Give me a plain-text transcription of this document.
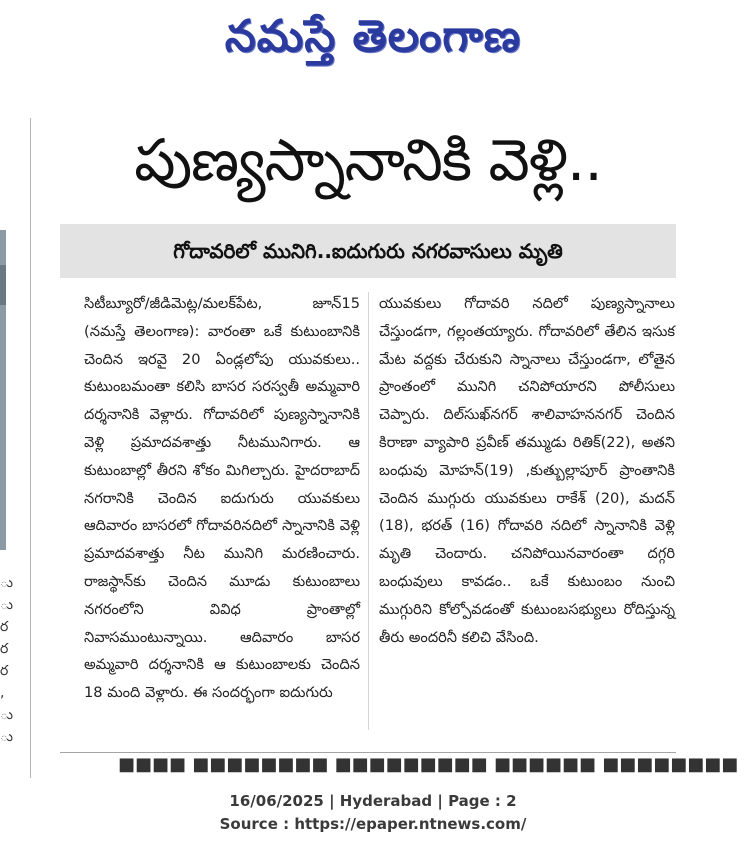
నమస్తే తెలంగాణ
ు
ు
ర
ర
ర
,
ు
ు
పుణ్యస్నానానికి వెళ్లి..
గోదావరిలో మునిగి..ఐదుగురు నగరవాసులు మృతి

సిటీబ్యూరో/జీడిమెట్ల/మలక్‌పేట, జూన్15 (నమస్తే తెలంగాణ): వారంతా ఒకే కుటుంబానికి చెందిన ఇరవై 20 ఏండ్లలోపు యువకులు.. కుటుంబమంతా కలిసి బాసర సరస్వతీ అమ్మవారి దర్శనానికి వెళ్లారు. గోదావరిలో పుణ్యస్నానానికి వెళ్లి ప్రమాదవశాత్తు నీటమునిగారు. ఆ కుటుంబాల్లో తీరని శోకం మిగిల్చారు. హైదరాబాద్ నగరానికి చెందిన ఐదుగురు యువకులు ఆదివారం బాసరలో గోదావరినదిలో స్నానానికి వెళ్లి ప్రమాదవశాత్తు నీట మునిగి మరణించారు. రాజస్థాన్‌కు చెందిన మూడు కుటుంబాలు నగరంలోని వివిధ ప్రాంతాల్లో నివాసముంటున్నాయి. ఆదివారం బాసర అమ్మవారి దర్శనానికి ఆ కుటుంబాలకు చెందిన 18 మంది వెళ్లారు. ఈ సందర్భంగా ఐదుగురు

యువకులు గోదావరి నదిలో పుణ్యస్నానాలు చేస్తుండగా, గల్లంతయ్యారు. గోదావరిలో తేలిన ఇసుక మేట వద్దకు చేరుకుని స్నానాలు చేస్తుండగా, లోతైన ప్రాంతంలో మునిగి చనిపోయారని పోలీసులు చెప్పారు. దిల్‌సుఖ్‌నగర్ శాలివాహననగర్ చెందిన కిరాణా వ్యాపారి ప్రవీణ్ తమ్ముడు రితిక్(22), అతని బంధువు మోహన్(19) ,కుత్బుల్లాపూర్ ప్రాంతానికి చెందిన ముగ్గురు యువకులు రాకేశ్ (20), మదన్ (18), భరత్ (16) గోదావరి నదిలో స్నానానికి వెళ్లి మృతి చెందారు. చనిపోయినవారంతా దగ్గరి బంధువులు కావడం.. ఒకే కుటుంబం నుంచి ముగ్గురిని కోల్పోవడంతో కుటుంబసభ్యులు రోదిస్తున్న తీరు అందరినీ కలిచి వేసింది.

■■■■ ■■■■■■■■ ■■■■■■■■■ ■■■■■■ ■■■■■■■■
16/06/2025 | Hyderabad | Page : 2
Source : https://epaper.ntnews.com/
